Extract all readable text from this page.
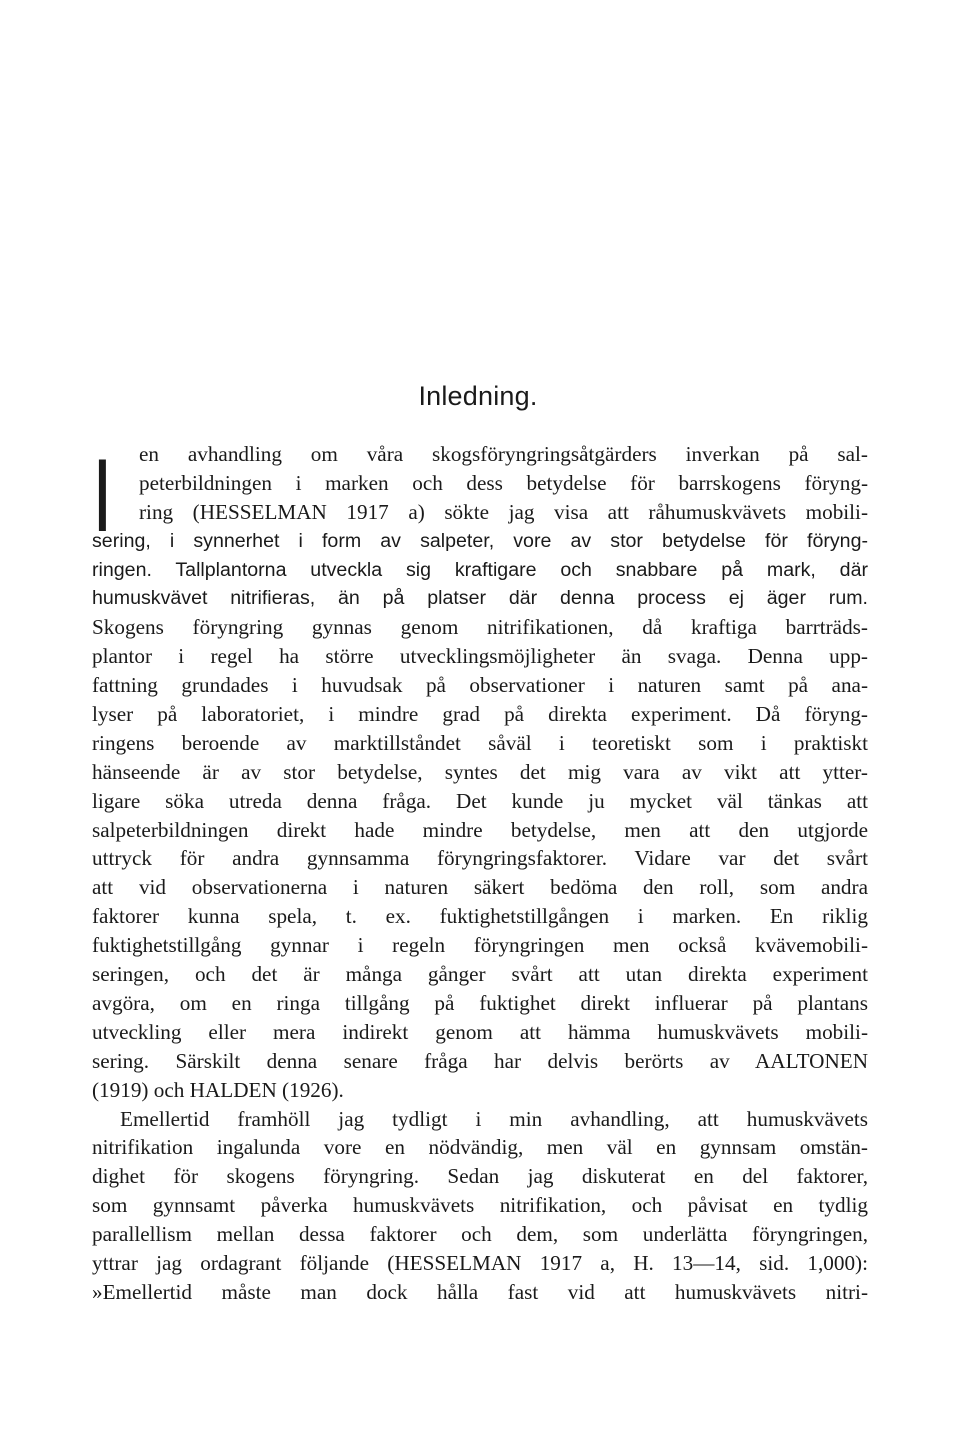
Inledning.
I en avhandling om våra skogsföryngringsåtgärders inverkan på sal-
peterbildningen i marken och dess betydelse för barrskogens föryng-
ring (HESSELMAN 1917 a) sökte jag visa att råhumuskvävets mobili-
sering, i synnerhet i form av salpeter, vore av stor betydelse för föryng-
ringen. Tallplantorna utveckla sig kraftigare och snabbare på mark, där
humuskvävet nitrifieras, än på platser där denna process ej äger rum.
Skogens föryngring gynnas genom nitrifikationen, då kraftiga barrträds-
plantor i regel ha större utvecklingsmöjligheter än svaga. Denna upp-
fattning grundades i huvudsak på observationer i naturen samt på ana-
lyser på laboratoriet, i mindre grad på direkta experiment. Då föryng-
ringens beroende av marktillståndet såväl i teoretiskt som i praktiskt
hänseende är av stor betydelse, syntes det mig vara av vikt att ytter-
ligare söka utreda denna fråga. Det kunde ju mycket väl tänkas att
salpeterbildningen direkt hade mindre betydelse, men att den utgjorde
uttryck för andra gynnsamma föryngringsfaktorer. Vidare var det svårt
att vid observationerna i naturen säkert bedöma den roll, som andra
faktorer kunna spela, t. ex. fuktighetstillgången i marken. En riklig
fuktighetstillgång gynnar i regeln föryngringen men också kvävemobili-
seringen, och det är många gånger svårt att utan direkta experiment
avgöra, om en ringa tillgång på fuktighet direkt influerar på plantans
utveckling eller mera indirekt genom att hämma humuskvävets mobili-
sering. Särskilt denna senare fråga har delvis berörts av AALTONEN
(1919) och HALDEN (1926).
Emellertid framhöll jag tydligt i min avhandling, att humuskvävets
nitrifikation ingalunda vore en nödvändig, men väl en gynnsam omstän-
dighet för skogens föryngring. Sedan jag diskuterat en del faktorer,
som gynnsamt påverka humuskvävets nitrifikation, och påvisat en tydlig
parallellism mellan dessa faktorer och dem, som underlätta föryngringen,
yttrar jag ordagrant följande (HESSELMAN 1917 a, H. 13—14, sid. 1,000):
»Emellertid måste man dock hålla fast vid att humuskvävets nitri-
